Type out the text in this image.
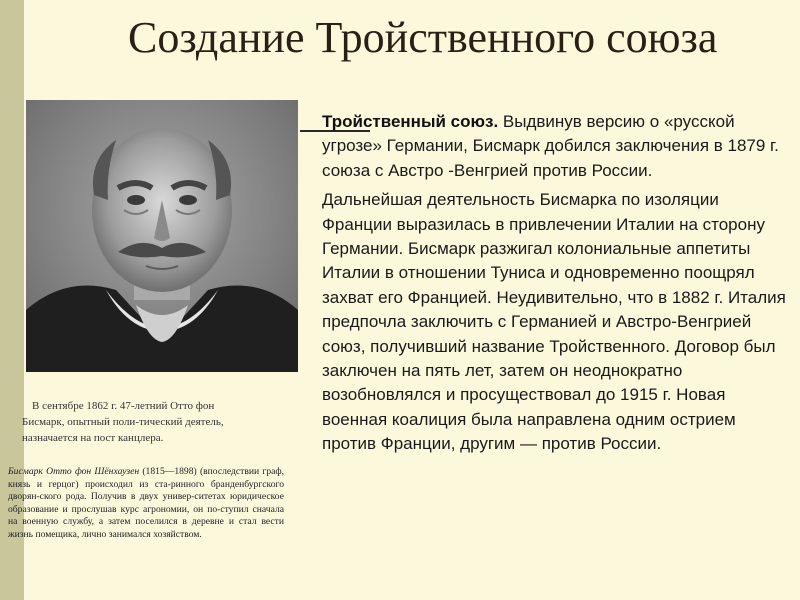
Создание Тройственного союза
В сентябре 1862 г. 47-летний Отто фон
Бисмарк, опытный поли-тический деятель,
назначается на пост канцлера.
Бисмарк Отто фон Шёнхаузен (1815—1898) (впоследствии граф, князь и герцог) происходил из ста-ринного бранденбургского дворян-ского рода. Получив в двух универ-ситетах юридическое образование и прослушав курс агрономии, он по-ступил сначала на военную службу, а затем поселился в деревне и стал вести жизнь помещика, лично занимался хозяйством.

Тройственный союз. Выдвинув версию о «русской угрозе» Германии, Бисмарк добился заключения в 1879 г. союза с Австро -Венгрией против России.

Дальнейшая деятельность Бисмарка по изоляции Франции выразилась в привлечении Италии на сторону Германии. Бисмарк разжигал колониальные аппетиты Италии в отношении Туниса и одновременно поощрял захват его Францией. Неудивительно, что в 1882 г. Италия предпочла заключить с Германией и Австро-Венгрией союз, получивший название Тройственного. Договор был заключен на пять лет, затем он неоднократно возобновлялся и просуществовал до 1915 г. Новая военная коалиция была направлена одним острием против Франции, другим — против России.
